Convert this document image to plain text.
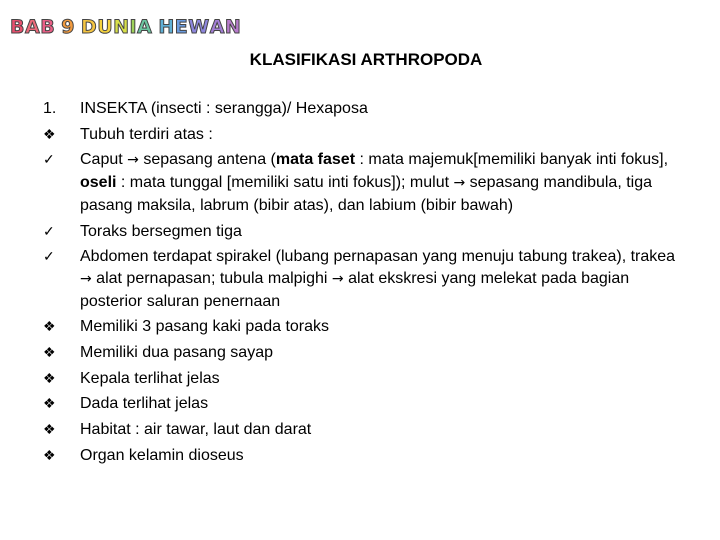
BAB 9 DUNIA HEWAN
KLASIFIKASI ARTHROPODA
1.	INSEKTA (insecti : serangga)/ Hexaposa
❖	Tubuh terdiri atas :
✓	Caput → sepasang antena (mata faset : mata majemuk[memiliki banyak inti fokus], oseli : mata tunggal [memiliki satu inti fokus]); mulut → sepasang mandibula, tiga pasang maksila, labrum (bibir atas), dan labium (bibir bawah)
✓	Toraks bersegmen tiga
✓	Abdomen terdapat spirakel (lubang pernapasan yang menuju tabung trakea), trakea → alat pernapasan; tubula malpighi → alat ekskresi yang melekat pada bagian posterior saluran penernaan
❖	Memiliki 3 pasang kaki pada toraks
❖	Memiliki dua pasang sayap
❖	Kepala terlihat jelas
❖	Dada terlihat jelas
❖	Habitat : air tawar, laut dan darat
❖	Organ kelamin dioseus
